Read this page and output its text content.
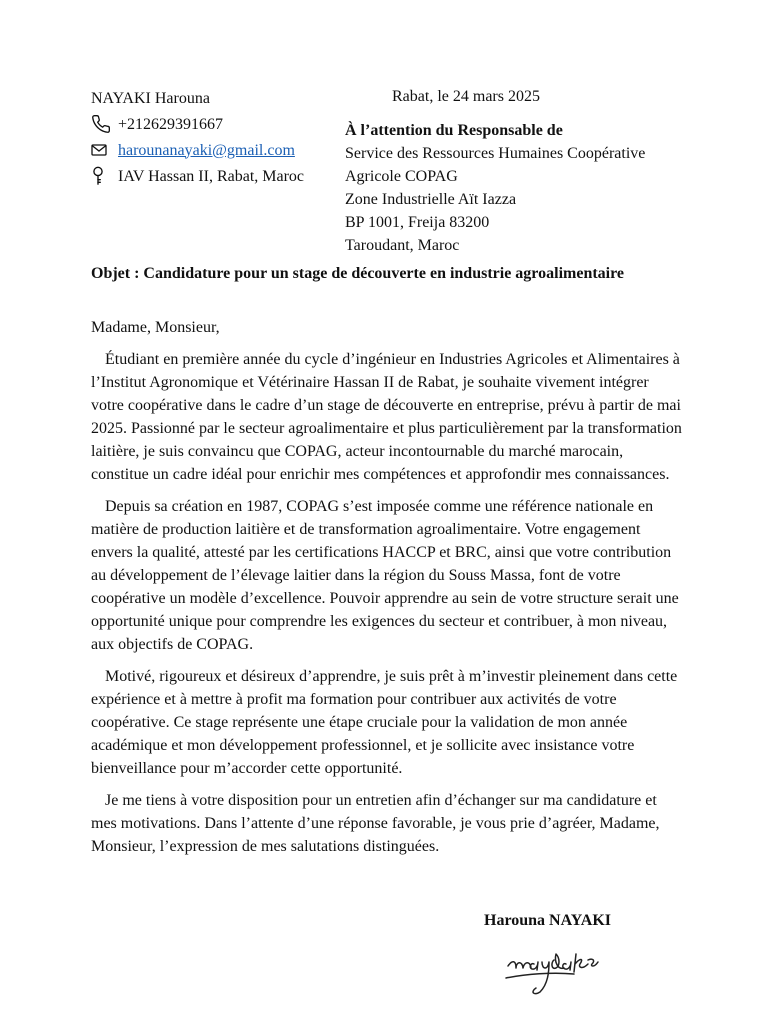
NAYAKI Harouna
+212629391667
harounanayaki@gmail.com
IAV Hassan II, Rabat, Maroc
Rabat, le 24 mars 2025
À l’attention du Responsable de
Service des Ressources Humaines Coopérative
Agricole COPAG
Zone Industrielle Aït Iazza
BP 1001, Freija 83200
Taroudant, Maroc
Objet : Candidature pour un stage de découverte en industrie agroalimentaire
Madame, Monsieur,

Étudiant en première année du cycle d’ingénieur en Industries Agricoles et Alimentaires à l’Institut Agronomique et Vétérinaire Hassan II de Rabat, je souhaite vivement intégrer votre coopérative dans le cadre d’un stage de découverte en entreprise, prévu à partir de mai 2025. Passionné par le secteur agroalimentaire et plus particulièrement par la transformation laitière, je suis convaincu que COPAG, acteur incontournable du marché marocain, constitue un cadre idéal pour enrichir mes compétences et approfondir mes connaissances.

Depuis sa création en 1987, COPAG s’est imposée comme une référence nationale en matière de production laitière et de transformation agroalimentaire. Votre engagement envers la qualité, attesté par les certifications HACCP et BRC, ainsi que votre contribution au développement de l’élevage laitier dans la région du Souss Massa, font de votre coopérative un modèle d’excellence. Pouvoir apprendre au sein de votre structure serait une opportunité unique pour comprendre les exigences du secteur et contribuer, à mon niveau, aux objectifs de COPAG.

Motivé, rigoureux et désireux d’apprendre, je suis prêt à m’investir pleinement dans cette expérience et à mettre à profit ma formation pour contribuer aux activités de votre coopérative. Ce stage représente une étape cruciale pour la validation de mon année académique et mon développement professionnel, et je sollicite avec insistance votre bienveillance pour m’accorder cette opportunité.

Je me tiens à votre disposition pour un entretien afin d’échanger sur ma candidature et mes motivations. Dans l’attente d’une réponse favorable, je vous prie d’agréer, Madame, Monsieur, l’expression de mes salutations distinguées.

Harouna NAYAKI
